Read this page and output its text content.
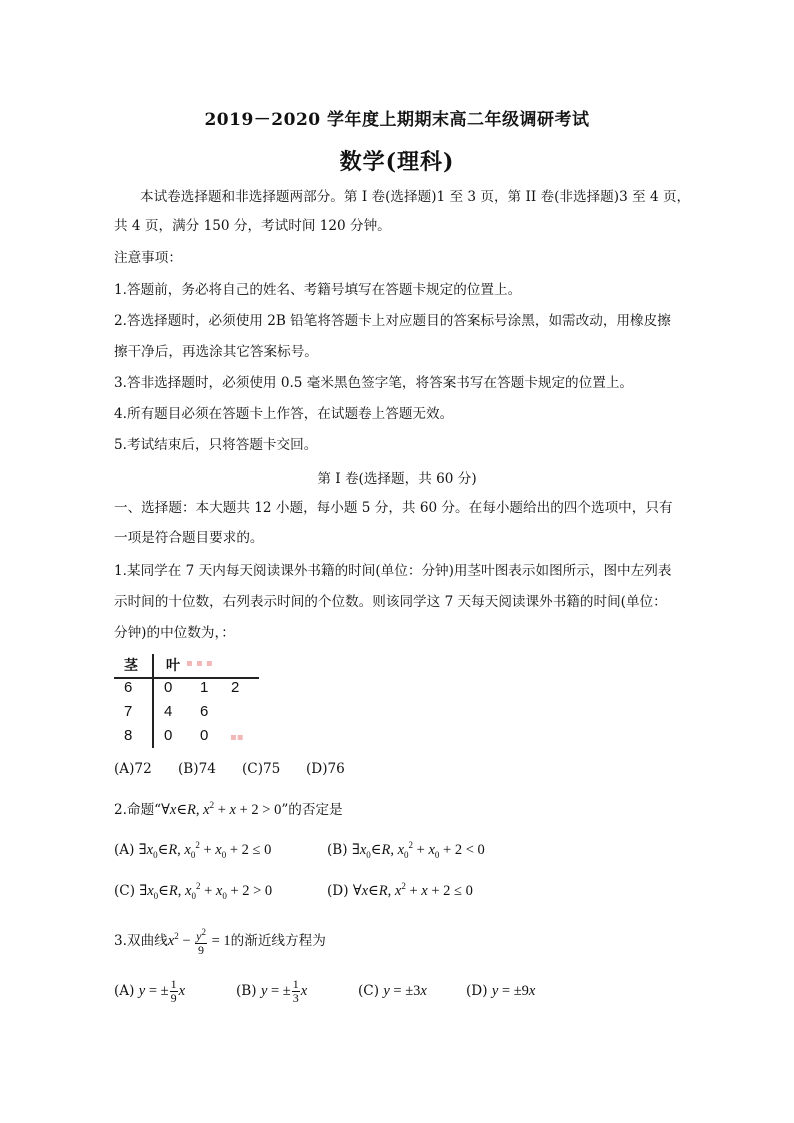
2019－2020 学年度上期期末高二年级调研考试
数学(理科)
本试卷选择题和非选择题两部分。第 I 卷(选择题)1 至 3 页，第 II 卷(非选择题)3 至 4 页，
共 4 页，满分 150 分，考试时间 120 分钟。
注意事项：
1.答题前，务必将自己的姓名、考籍号填写在答题卡规定的位置上。
2.答选择题时，必须使用 2B 铅笔将答题卡上对应题目的答案标号涂黑，如需改动，用橡皮擦
擦干净后，再选涂其它答案标号。
3.答非选择题时，必须使用 0.5 毫米黑色签字笔，将答案书写在答题卡规定的位置上。
4.所有题目必须在答题卡上作答，在试题卷上答题无效。
5.考试结束后，只将答题卡交回。
第 I 卷(选择题，共 60 分)
一、选择题：本大题共 12 小题，每小题 5 分，共 60 分。在每小题给出的四个选项中，只有
一项是符合题目要求的。
1.某同学在 7 天内每天阅读课外书籍的时间(单位：分钟)用茎叶图表示如图所示，图中左列表
示时间的十位数，右列表示时间的个位数。则该同学这 7 天每天阅读课外书籍的时间(单位：
分钟)的中位数为，：
茎 叶 ▪ ▪ ▪
6 0 1 2
7 4 6
8 0 0 ▪▪
(A)72 (B)74 (C)75 (D)76
2.命题“∀x∈R, $x^2 + x + 2 > 0$”的否定是
(A) $\exists x_0\in R$, $x_0^2 + x_0 + 2 \le 0$	(B) $\exists x_0\in R$, $x_0^2 + x_0 + 2 < 0$
(C) $\exists x_0\in R$, $x_0^2 + x_0 + 2 > 0$	(D) ∀x∈R, $x^2 + x + 2 \le 0$
3.双曲线$x^2 - \frac{y^2}{9} = 1$的渐近线方程为
(A) y = ± $\frac{1}{9}$ x	(B) y = ± $\frac{1}{3}$ x	(C) y = ±3x	(D) y = ±9x
